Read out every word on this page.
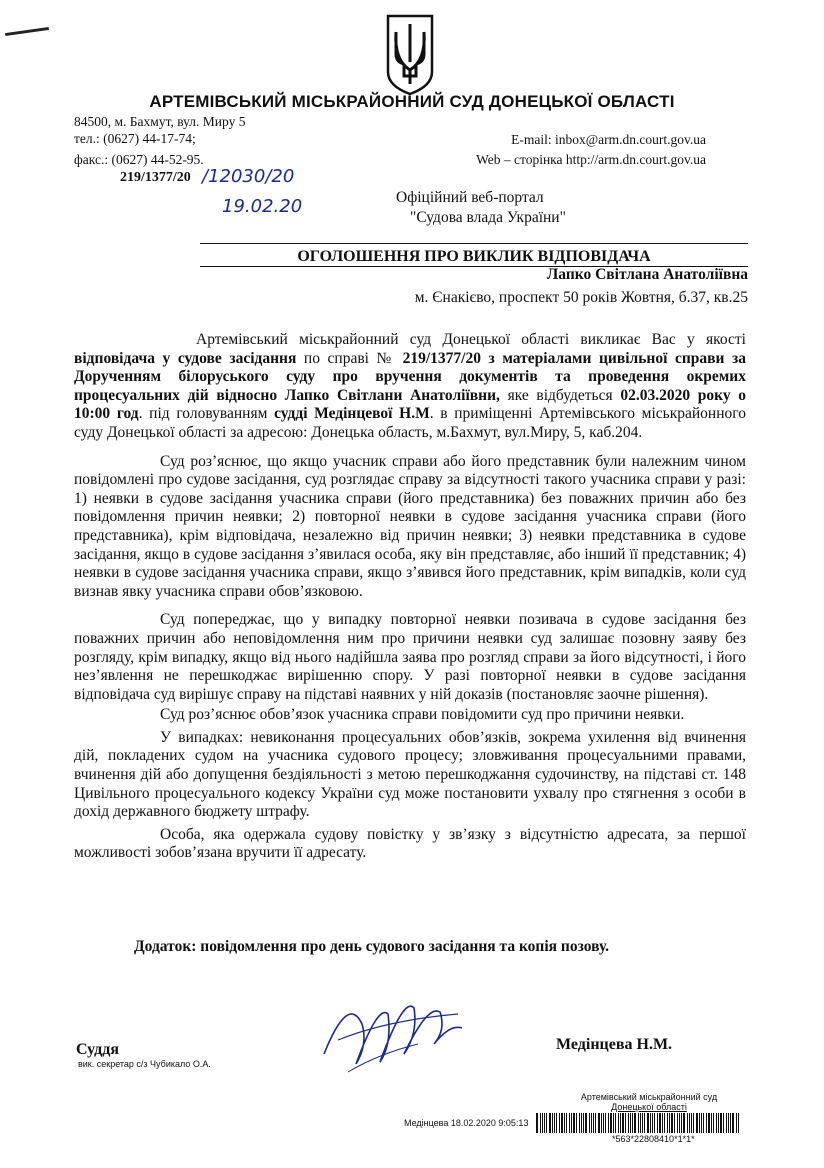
АРТЕМІВСЬКИЙ МІСЬКРАЙОННИЙ СУД ДОНЕЦЬКОЇ ОБЛАСТІ
84500, м. Бахмут, вул. Миру 5
тел.: (0627) 44-17-74;
факс.: (0627) 44-52-95.
E-mail: inbox@arm.dn.court.gov.ua
Web – сторінка http://arm.dn.court.gov.ua
219/1377/20 /12030/20
19.02.20	Офіційний веб-портал
"Судова влада України"
ОГОЛОШЕННЯ ПРО ВИКЛИК ВІДПОВІДАЧА
Лапко Світлана Анатоліївна
м. Єнакієво, проспект 50 років Жовтня, б.37, кв.25

Артемівський міськрайонний суд Донецької області викликає Вас у якості відповідача у судове засідання по справі № 219/1377/20 з матеріалами цивільної справи за Дорученням білоруського суду про вручення документів та проведення окремих процесуальних дій відносно Лапко Світлани Анатоліївни, яке відбудеться 02.03.2020 року о 10:00 год. під головуванням судді Медінцевої Н.М. в приміщенні Артемівського міськрайонного суду Донецької області за адресою: Донецька область, м.Бахмут, вул.Миру, 5, каб.204.

Суд роз’яснює, що якщо учасник справи або його представник були належним чином повідомлені про судове засідання, суд розглядає справу за відсутності такого учасника справи у разі: 1) неявки в судове засідання учасника справи (його представника) без поважних причин або без повідомлення причин неявки; 2) повторної неявки в судове засідання учасника справи (його представника), крім відповідача, незалежно від причин неявки; 3) неявки представника в судове засідання, якщо в судове засідання з’явилася особа, яку він представляє, або інший її представник; 4) неявки в судове засідання учасника справи, якщо з’явився його представник, крім випадків, коли суд визнав явку учасника справи обов’язковою.

Суд попереджає, що у випадку повторної неявки позивача в судове засідання без поважних причин або неповідомлення ним про причини неявки суд залишає позовну заяву без розгляду, крім випадку, якщо від нього надійшла заява про розгляд справи за його відсутності, і його нез’явлення не перешкоджає вирішенню спору. У разі повторної неявки в судове засідання відповідача суд вирішує справу на підставі наявних у ній доказів (постановляє заочне рішення).

Суд роз’яснює обов’язок учасника справи повідомити суд про причини неявки.

У випадках: невиконання процесуальних обов’язків, зокрема ухилення від вчинення дій, покладених судом на учасника судового процесу; зловживання процесуальними правами, вчинення дій або допущення бездіяльності з метою перешкоджання судочинству, на підставі ст. 148 Цивільного процесуального кодексу України суд може постановити ухвалу про стягнення з особи в дохід державного бюджету штрафу.

Особа, яка одержала судову повістку у зв’язку з відсутністю адресата, за першої можливості зобов’язана вручити її адресату.

Додаток: повідомлення про день судового засідання та копія позову.
Суддя
вик. секретар с/з Чубикало О.А.
Медінцева Н.М.
Артемівський міськрайонний суд
Донецької області
Медінцева 18.02.2020 9:05:13
*563*22808410*1*1*
